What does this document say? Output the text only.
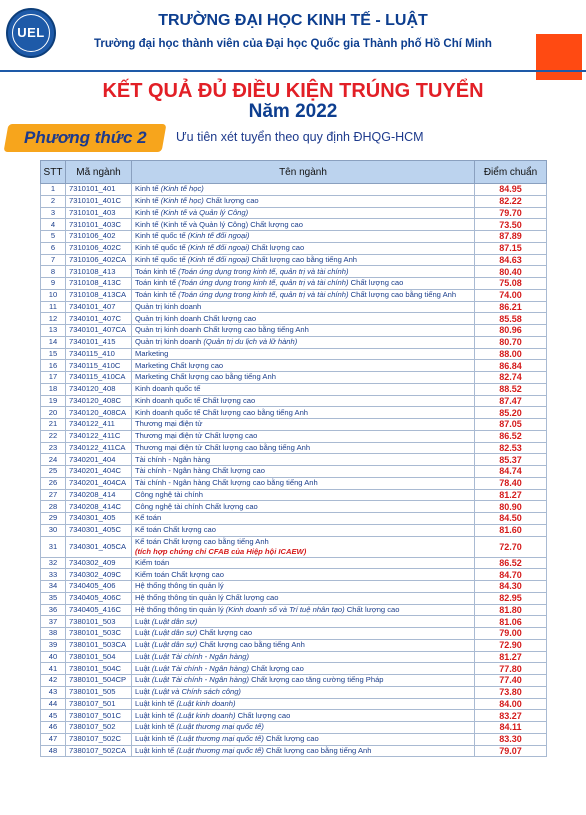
UEL
TRƯỜNG ĐẠI HỌC KINH TẾ - LUẬT
Trường đại học thành viên của Đại học Quốc gia Thành phố Hồ Chí Minh
KẾT QUẢ ĐỦ ĐIỀU KIỆN TRÚNG TUYỂN
Năm 2022
Phương thức 2	Ưu tiên xét tuyển theo quy định ĐHQG-HCM
STT	Mã ngành	Tên ngành	Điểm chuẩn
1	7310101_401	Kinh tế (Kinh tế học)	84.95
2	7310101_401C	Kinh tế (Kinh tế học) Chất lượng cao	82.22
3	7310101_403	Kinh tế (Kinh tế và Quản lý Công)	79.70
4	7310101_403C	Kinh tế (Kinh tế và Quản lý Công) Chất lượng cao	73.50
5	7310106_402	Kinh tế quốc tế (Kinh tế đối ngoại)	87.89
6	7310106_402C	Kinh tế quốc tế (Kinh tế đối ngoại) Chất lượng cao	87.15
7	7310106_402CA	Kinh tế quốc tế (Kinh tế đối ngoại) Chất lượng cao bằng tiếng Anh	84.63
8	7310108_413	Toán kinh tế (Toán ứng dụng trong kinh tế, quản trị và tài chính)	80.40
9	7310108_413C	Toán kinh tế (Toán ứng dụng trong kinh tế, quản trị và tài chính) Chất lượng cao	75.08
10	7310108_413CA	Toán kinh tế (Toán ứng dụng trong kinh tế, quản trị và tài chính) Chất lượng cao bằng tiếng Anh	74.00
11	7340101_407	Quản trị kinh doanh	86.21
12	7340101_407C	Quản trị kinh doanh Chất lượng cao	85.58
13	7340101_407CA	Quản trị kinh doanh Chất lượng cao bằng tiếng Anh	80.96
14	7340101_415	Quản trị kinh doanh (Quản trị du lịch và lữ hành)	80.70
15	7340115_410	Marketing	88.00
16	7340115_410C	Marketing Chất lượng cao	86.84
17	7340115_410CA	Marketing Chất lượng cao bằng tiếng Anh	82.74
18	7340120_408	Kinh doanh quốc tế	88.52
19	7340120_408C	Kinh doanh quốc tế Chất lượng cao	87.47
20	7340120_408CA	Kinh doanh quốc tế Chất lượng cao bằng tiếng Anh	85.20
21	7340122_411	Thương mại điện tử	87.05
22	7340122_411C	Thương mại điện tử Chất lượng cao	86.52
23	7340122_411CA	Thương mại điện tử Chất lượng cao bằng tiếng Anh	82.53
24	7340201_404	Tài chính - Ngân hàng	85.37
25	7340201_404C	Tài chính - Ngân hàng Chất lượng cao	84.74
26	7340201_404CA	Tài chính - Ngân hàng Chất lượng cao bằng tiếng Anh	78.40
27	7340208_414	Công nghệ tài chính	81.27
28	7340208_414C	Công nghệ tài chính Chất lượng cao	80.90
29	7340301_405	Kế toán	84.50
30	7340301_405C	Kế toán Chất lượng cao	81.60
31	7340301_405CA	Kế toán Chất lượng cao bằng tiếng Anh
(tích hợp chứng chỉ CFAB của Hiệp hội ICAEW)	72.70
32	7340302_409	Kiểm toán	86.52
33	7340302_409C	Kiểm toán Chất lượng cao	84.70
34	7340405_406	Hệ thống thông tin quản lý	84.30
35	7340405_406C	Hệ thống thông tin quản lý Chất lượng cao	82.95
36	7340405_416C	Hệ thống thông tin quản lý (Kinh doanh số và Trí tuệ nhân tạo) Chất lượng cao	81.80
37	7380101_503	Luật (Luật dân sự)	81.06
38	7380101_503C	Luật (Luật dân sự) Chất lượng cao	79.00
39	7380101_503CA	Luật (Luật dân sự) Chất lượng cao bằng tiếng Anh	72.90
40	7380101_504	Luật (Luật Tài chính - Ngân hàng)	81.27
41	7380101_504C	Luật (Luật Tài chính - Ngân hàng) Chất lượng cao	77.80
42	7380101_504CP	Luật (Luật Tài chính - Ngân hàng) Chất lượng cao tăng cường tiếng Pháp	77.40
43	7380101_505	Luật (Luật và Chính sách công)	73.80
44	7380107_501	Luật kinh tế (Luật kinh doanh)	84.00
45	7380107_501C	Luật kinh tế (Luật kinh doanh) Chất lượng cao	83.27
46	7380107_502	Luật kinh tế (Luật thương mại quốc tế)	84.11
47	7380107_502C	Luật kinh tế (Luật thương mại quốc tế) Chất lượng cao	83.30
48	7380107_502CA	Luật kinh tế (Luật thương mại quốc tế) Chất lượng cao bằng tiếng Anh	79.07
